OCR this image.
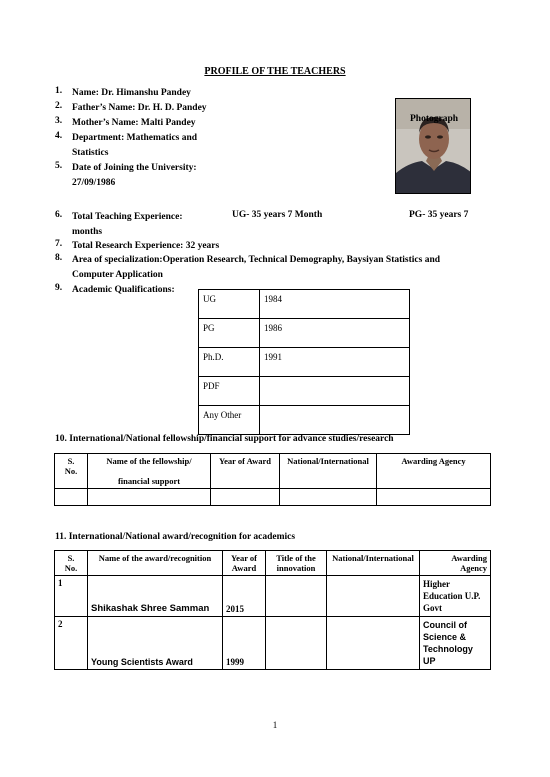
PROFILE OF THE TEACHERS
1. Name: Dr. Himanshu Pandey
2. Father’s Name: Dr. H. D. Pandey
3. Mother’s Name: Malti Pandey
4. Department: Mathematics and
Statistics
5. Date of Joining the University:
27/09/1986
Photograph
6. Total Teaching Experience:	UG- 35 years 7 Month	PG- 35 years 7
months
7. Total Research Experience: 32 years
8. Area of specialization:Operation Research, Technical Demography, Baysiyan Statistics and
Computer Application
9. Academic Qualifications:
UG	1984
PG	1986
Ph.D.	1991
PDF	
Any Other	
10. International/National fellowship/financial support for advance studies/research
S.
No.	Name of the fellowship/

financial support	Year of Award	National/International	Awarding Agency

11. International/National award/recognition for academics
S.
No.	Name of the award/recognition	Year of
Award	Title of the
innovation	National/International	Awarding
Agency
1	Shikashak Shree Samman	2015			Higher Education U.P. Govt
2	Young Scientists Award	1999			Council of Science & Technology UP
1
